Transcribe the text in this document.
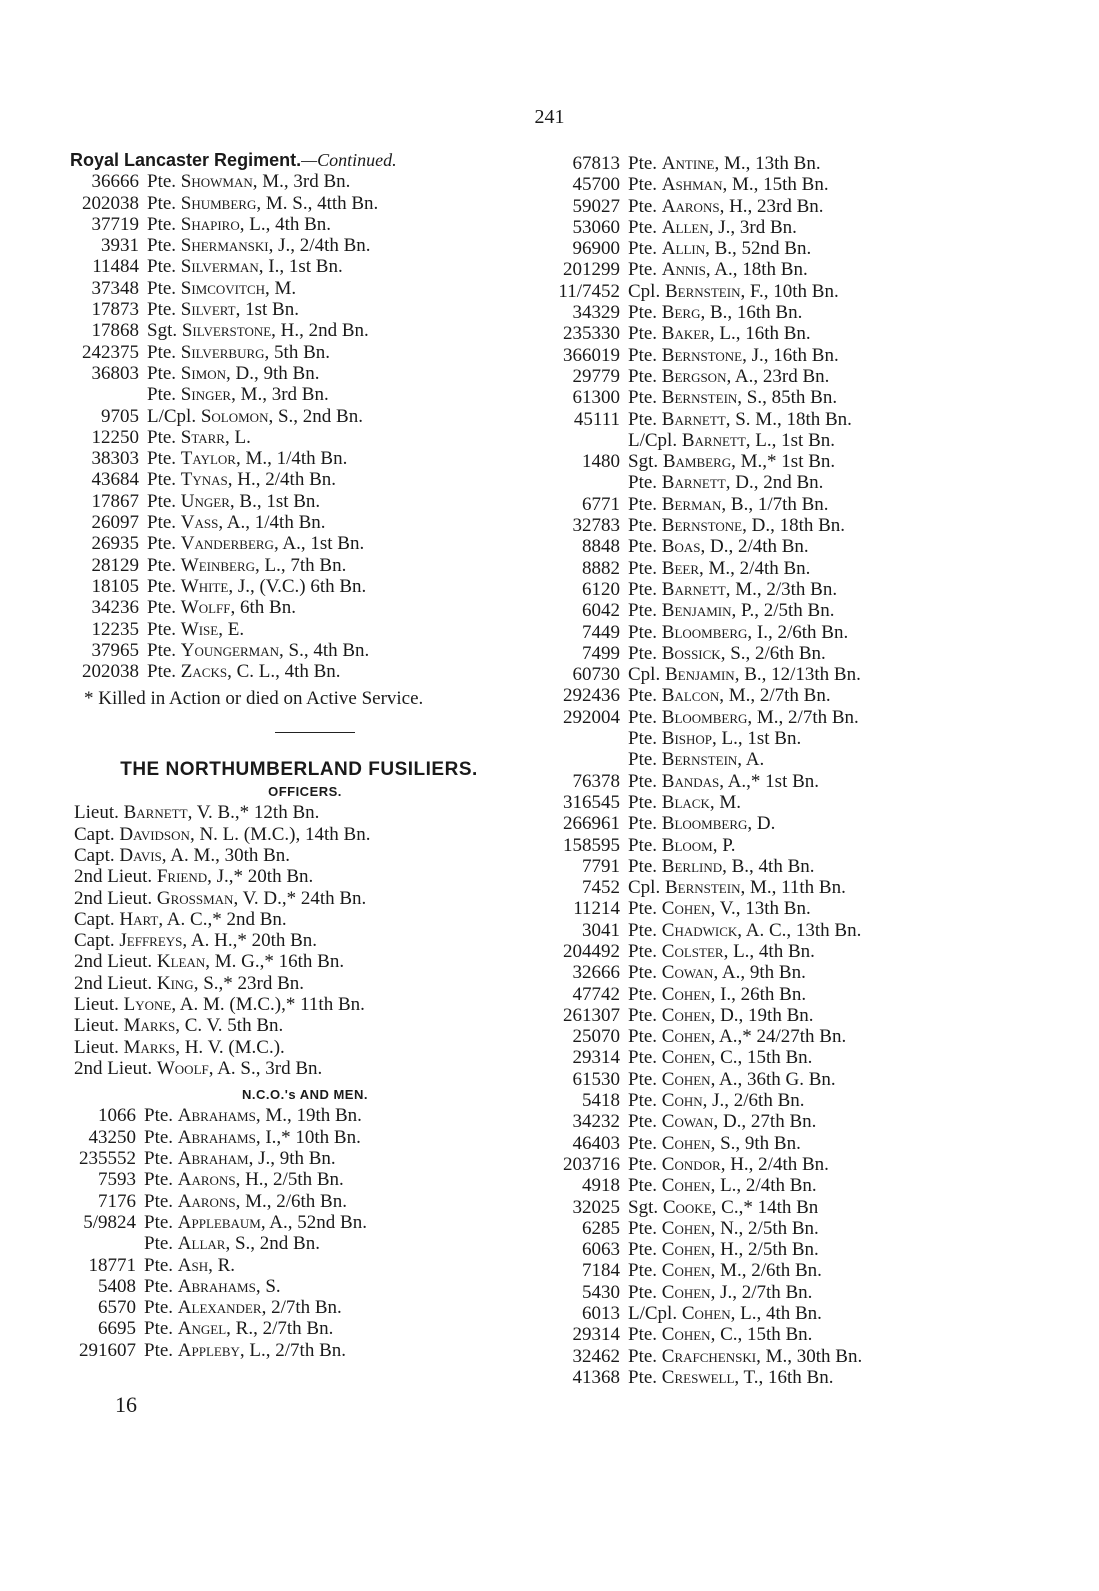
241
Royal Lancaster Regiment.—Continued.
36666 Pte. Showman, M., 3rd Bn.
202038 Pte. Shumberg, M. S., 4tth Bn.
37719 Pte. Shapiro, L., 4th Bn.
3931 Pte. Shermanski, J., 2/4th Bn.
11484 Pte. Silverman, I., 1st Bn.
37348 Pte. Simcovitch, M.
17873 Pte. Silvert, 1st Bn.
17868 Sgt. Silverstone, H., 2nd Bn.
242375 Pte. Silverburg, 5th Bn.
36803 Pte. Simon, D., 9th Bn.
Pte. Singer, M., 3rd Bn.
9705 L/Cpl. Solomon, S., 2nd Bn.
12250 Pte. Starr, L.
38303 Pte. Taylor, M., 1/4th Bn.
43684 Pte. Tynas, H., 2/4th Bn.
17867 Pte. Unger, B., 1st Bn.
26097 Pte. Vass, A., 1/4th Bn.
26935 Pte. Vanderberg, A., 1st Bn.
28129 Pte. Weinberg, L., 7th Bn.
18105 Pte. White, J., (V.C.) 6th Bn.
34236 Pte. Wolff, 6th Bn.
12235 Pte. Wise, E.
37965 Pte. Youngerman, S., 4th Bn.
202038 Pte. Zacks, C. L., 4th Bn.
* Killed in Action or died on Active Service.
THE NORTHUMBERLAND FUSILIERS.
OFFICERS.
Lieut. Barnett, V. B.,* 12th Bn.
Capt. Davidson, N. L. (M.C.), 14th Bn.
Capt. Davis, A. M., 30th Bn.
2nd Lieut. Friend, J.,* 20th Bn.
2nd Lieut. Grossman, V. D.,* 24th Bn.
Capt. Hart, A. C.,* 2nd Bn.
Capt. Jeffreys, A. H.,* 20th Bn.
2nd Lieut. Klean, M. G.,* 16th Bn.
2nd Lieut. King, S.,* 23rd Bn.
Lieut. Lyone, A. M. (M.C.),* 11th Bn.
Lieut. Marks, C. V. 5th Bn.
Lieut. Marks, H. V. (M.C.).
2nd Lieut. Woolf, A. S., 3rd Bn.
N.C.O.'s AND MEN.
1066 Pte. Abrahams, M., 19th Bn.
43250 Pte. Abrahams, I.,* 10th Bn.
235552 Pte. Abraham, J., 9th Bn.
7593 Pte. Aarons, H., 2/5th Bn.
7176 Pte. Aarons, M., 2/6th Bn.
5/9824 Pte. Applebaum, A., 52nd Bn.
Pte. Allar, S., 2nd Bn.
18771 Pte. Ash, R.
5408 Pte. Abrahams, S.
6570 Pte. Alexander, 2/7th Bn.
6695 Pte. Angel, R., 2/7th Bn.
291607 Pte. Appleby, L., 2/7th Bn.
16
67813 Pte. Antine, M., 13th Bn.
45700 Pte. Ashman, M., 15th Bn.
59027 Pte. Aarons, H., 23rd Bn.
53060 Pte. Allen, J., 3rd Bn.
96900 Pte. Allin, B., 52nd Bn.
201299 Pte. Annis, A., 18th Bn.
11/7452 Cpl. Bernstein, F., 10th Bn.
34329 Pte. Berg, B., 16th Bn.
235330 Pte. Baker, L., 16th Bn.
366019 Pte. Bernstone, J., 16th Bn.
29779 Pte. Bergson, A., 23rd Bn.
61300 Pte. Bernstein, S., 85th Bn.
45111 Pte. Barnett, S. M., 18th Bn.
L/Cpl. Barnett, L., 1st Bn.
1480 Sgt. Bamberg, M.,* 1st Bn.
Pte. Barnett, D., 2nd Bn.
6771 Pte. Berman, B., 1/7th Bn.
32783 Pte. Bernstone, D., 18th Bn.
8848 Pte. Boas, D., 2/4th Bn.
8882 Pte. Beer, M., 2/4th Bn.
6120 Pte. Barnett, M., 2/3th Bn.
6042 Pte. Benjamin, P., 2/5th Bn.
7449 Pte. Bloomberg, I., 2/6th Bn.
7499 Pte. Bossick, S., 2/6th Bn.
60730 Cpl. Benjamin, B., 12/13th Bn.
292436 Pte. Balcon, M., 2/7th Bn.
292004 Pte. Bloomberg, M., 2/7th Bn.
Pte. Bishop, L., 1st Bn.
Pte. Bernstein, A.
76378 Pte. Bandas, A.,* 1st Bn.
316545 Pte. Black, M.
266961 Pte. Bloomberg, D.
158595 Pte. Bloom, P.
7791 Pte. Berlind, B., 4th Bn.
7452 Cpl. Bernstein, M., 11th Bn.
11214 Pte. Cohen, V., 13th Bn.
3041 Pte. Chadwick, A. C., 13th Bn.
204492 Pte. Colster, L., 4th Bn.
32666 Pte. Cowan, A., 9th Bn.
47742 Pte. Cohen, I., 26th Bn.
261307 Pte. Cohen, D., 19th Bn.
25070 Pte. Cohen, A.,* 24/27th Bn.
29314 Pte. Cohen, C., 15th Bn.
61530 Pte. Cohen, A., 36th G. Bn.
5418 Pte. Cohn, J., 2/6th Bn.
34232 Pte. Cowan, D., 27th Bn.
46403 Pte. Cohen, S., 9th Bn.
203716 Pte. Condor, H., 2/4th Bn.
4918 Pte. Cohen, L., 2/4th Bn.
32025 Sgt. Cooke, C.,* 14th Bn
6285 Pte. Cohen, N., 2/5th Bn.
6063 Pte. Cohen, H., 2/5th Bn.
7184 Pte. Cohen, M., 2/6th Bn.
5430 Pte. Cohen, J., 2/7th Bn.
6013 L/Cpl. Cohen, L., 4th Bn.
29314 Pte. Cohen, C., 15th Bn.
32462 Pte. Crafchenski, M., 30th Bn.
41368 Pte. Creswell, T., 16th Bn.
